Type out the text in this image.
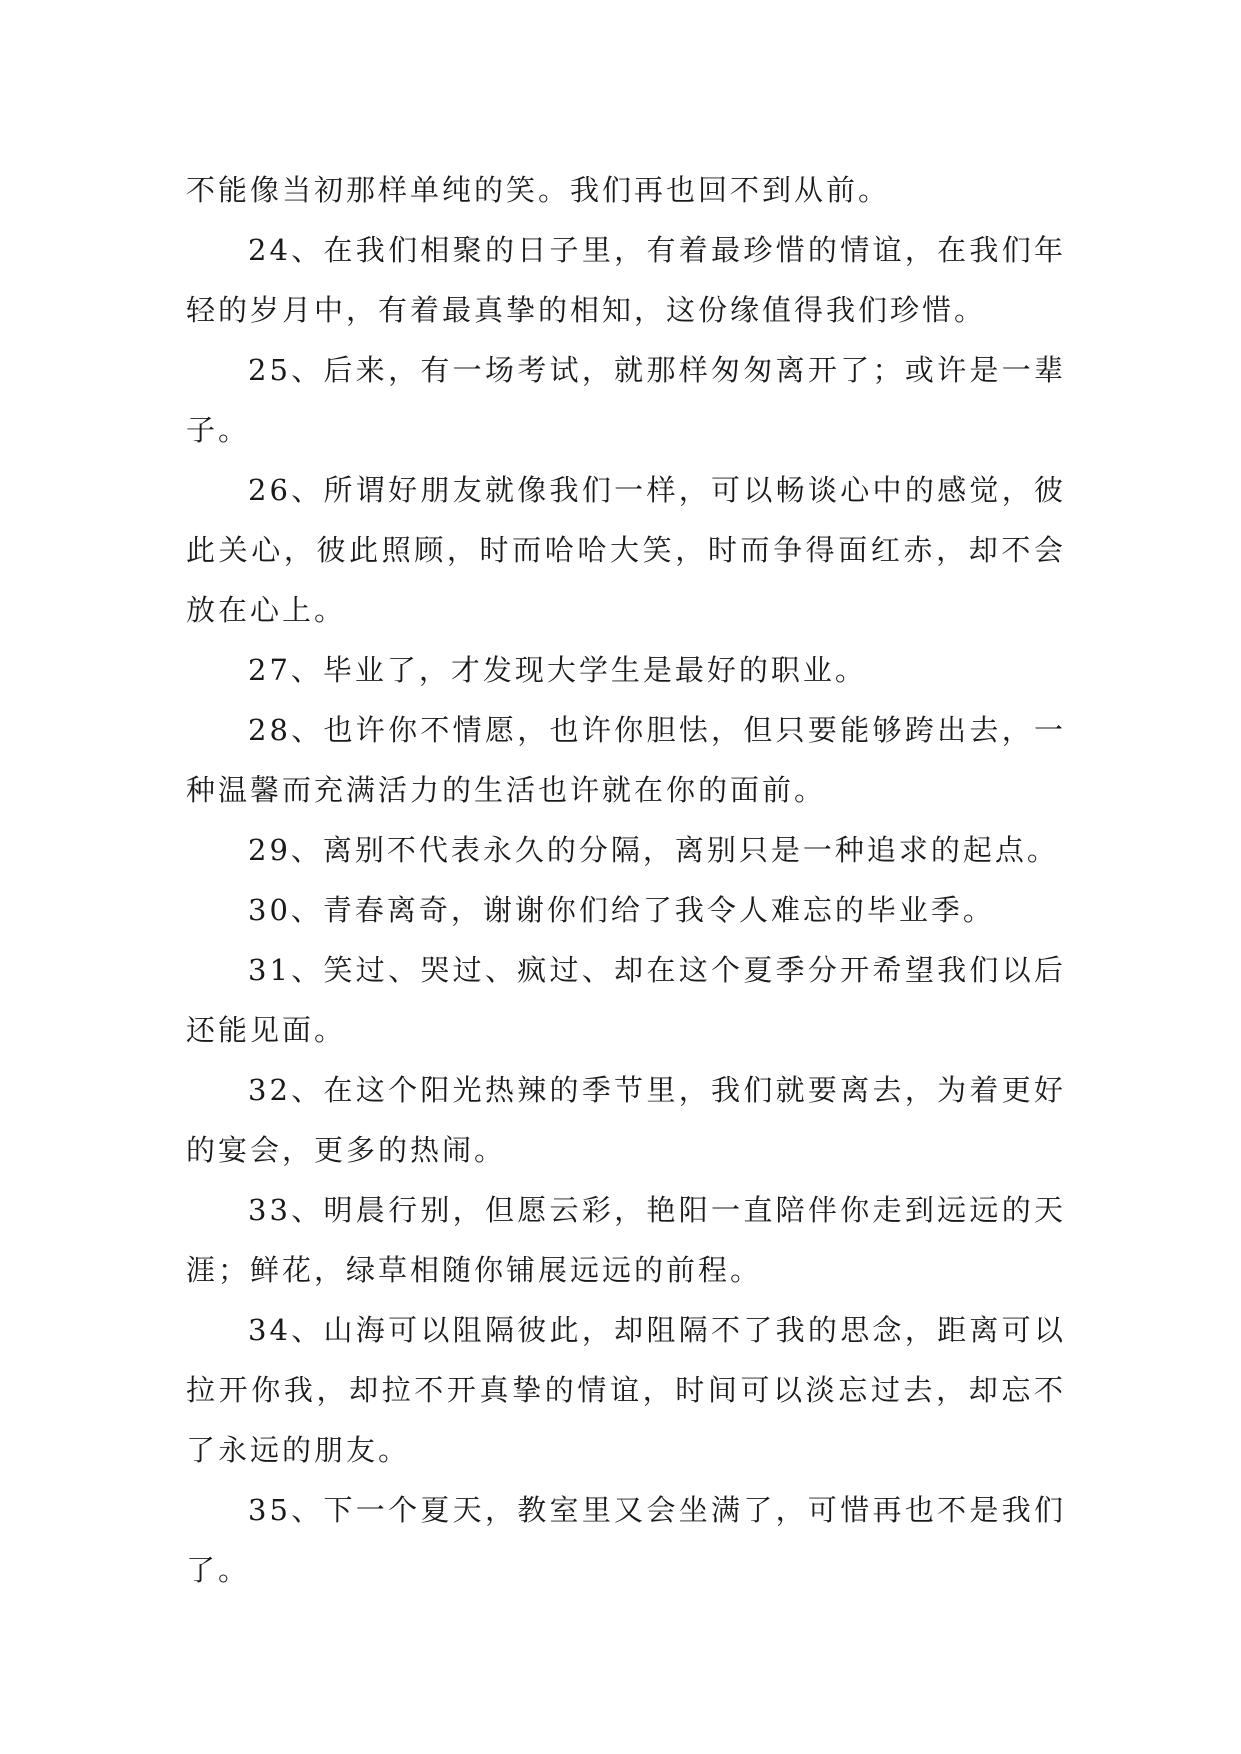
不能像当初那样单纯的笑。我们再也回不到从前。

24、在我们相聚的日子里，有着最珍惜的情谊，在我们年轻的岁月中，有着最真挚的相知，这份缘值得我们珍惜。

25、后来，有一场考试，就那样匆匆离开了；或许是一辈子。

26、所谓好朋友就像我们一样，可以畅谈心中的感觉，彼此关心，彼此照顾，时而哈哈大笑，时而争得面红赤，却不会放在心上。

27、毕业了，才发现大学生是最好的职业。

28、也许你不情愿，也许你胆怯，但只要能够跨出去，一种温馨而充满活力的生活也许就在你的面前。

29、离别不代表永久的分隔，离别只是一种追求的起点。

30、青春离奇，谢谢你们给了我令人难忘的毕业季。

31、笑过、哭过、疯过、却在这个夏季分开希望我们以后还能见面。

32、在这个阳光热辣的季节里，我们就要离去，为着更好的宴会，更多的热闹。

33、明晨行别，但愿云彩，艳阳一直陪伴你走到远远的天涯；鲜花，绿草相随你铺展远远的前程。

34、山海可以阻隔彼此，却阻隔不了我的思念，距离可以拉开你我，却拉不开真挚的情谊，时间可以淡忘过去，却忘不了永远的朋友。

35、下一个夏天，教室里又会坐满了，可惜再也不是我们了。
